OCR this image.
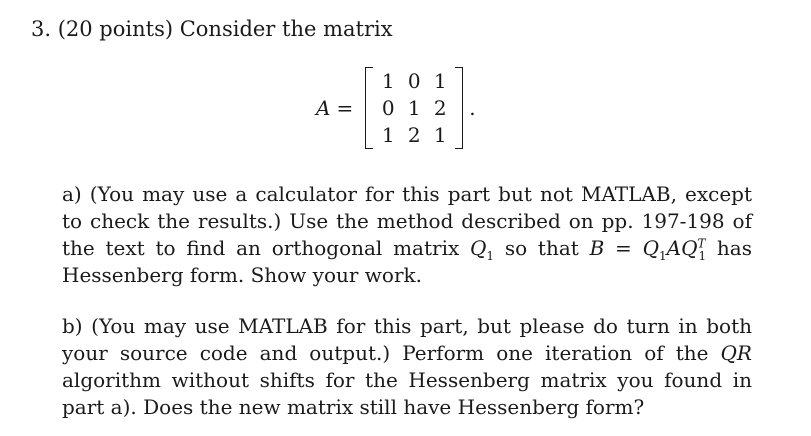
3. (20 points) Consider the matrix
A =
1 0 1
0 1 2
1 2 1
.
a) (You may use a calculator for this part but not MATLAB, except to check the results.) Use the method described on pp. 197-198 of the text to find an orthogonal matrix $Q_1$ so that $B = Q_1AQ^T_1$ has Hessenberg form. Show your work.
b) (You may use MATLAB for this part, but please do turn in both your source code and output.) Perform one iteration of the QR algorithm without shifts for the Hessenberg matrix you found in part a). Does the new matrix still have Hessenberg form?
